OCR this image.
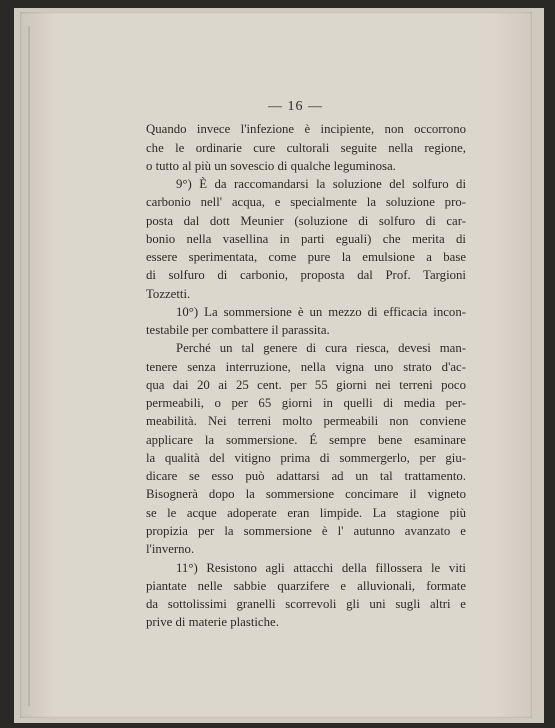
— 16 —
Quando invece l'infezione è incipiente, non occorrono
che le ordinarie cure cultorali seguite nella regione,
o tutto al più un sovescio di qualche leguminosa.
9°) È da raccomandarsi la soluzione del solfuro di
carbonio nell' acqua, e specialmente la soluzione pro-
posta dal dott Meunier (soluzione di solfuro di car-
bonio nella vasellina in parti eguali) che merita di
essere sperimentata, come pure la emulsione a base
di solfuro di carbonio, proposta dal Prof. Targioni
Tozzetti.
10°) La sommersione è un mezzo di efficacia incon-
testabile per combattere il parassita.
Perché un tal genere di cura riesca, devesi man-
tenere senza interruzione, nella vigna uno strato d'ac-
qua dai 20 ai 25 cent. per 55 giorni nei terreni poco
permeabili, o per 65 giorni in quelli di media per-
meabilità. Nei terreni molto permeabili non conviene
applicare la sommersione. É sempre bene esaminare
la qualità del vitigno prima di sommergerlo, per giu-
dicare se esso può adattarsi ad un tal trattamento.
Bisognerà dopo la sommersione concimare il vigneto
se le acque adoperate eran limpide. La stagione più
propizia per la sommersione è l' autunno avanzato e
l'inverno.
11°) Resistono agli attacchi della fillossera le viti
piantate nelle sabbie quarzifere e alluvionali, formate
da sottolissimi granelli scorrevoli gli uni sugli altri e
prive di materie plastiche.
